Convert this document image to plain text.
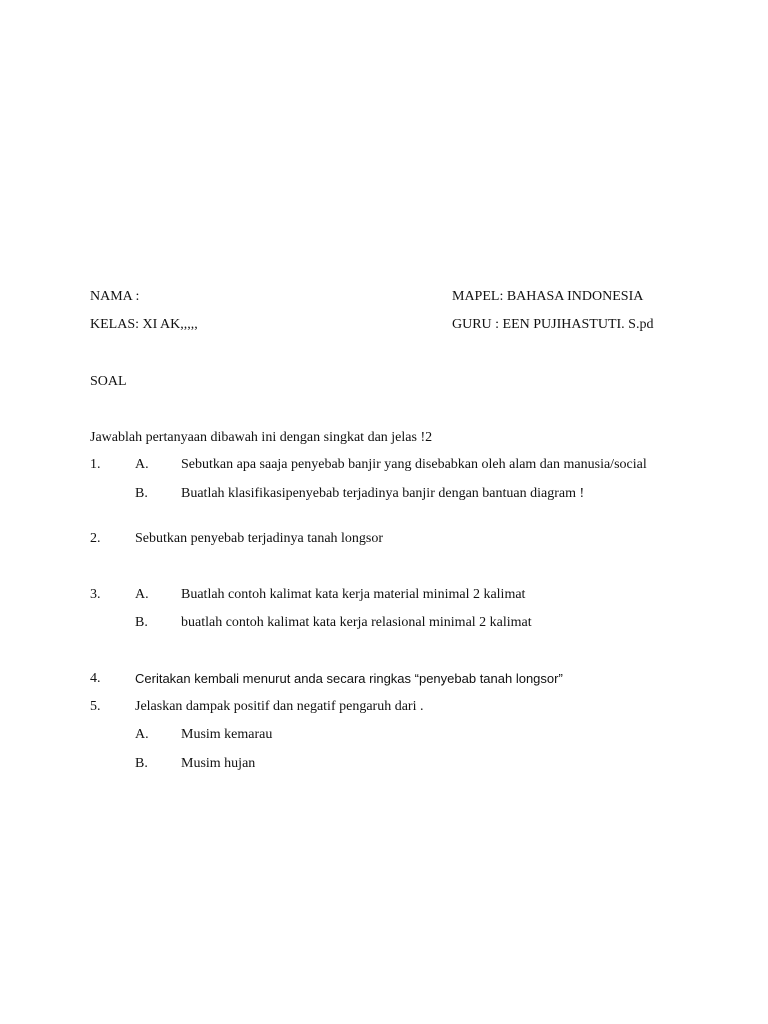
NAMA :	MAPEL: BAHASA INDONESIA
KELAS: XI AK,,,,,	GURU : EEN PUJIHASTUTI. S.pd
SOAL
Jawablah pertanyaan dibawah ini dengan singkat dan jelas !2
1. A. Sebutkan apa saaja penyebab banjir yang disebabkan oleh alam dan manusia/social
B. Buatlah klasifikasipenyebab terjadinya banjir dengan bantuan diagram !
2. Sebutkan penyebab terjadinya tanah longsor
3. A. Buatlah contoh kalimat kata kerja material minimal 2 kalimat
B. buatlah contoh kalimat kata kerja relasional minimal 2 kalimat
4.	Ceritakan kembali menurut anda secara ringkas “penyebab tanah longsor”
5. Jelaskan dampak positif dan negatif pengaruh dari .
A. Musim kemarau
B. Musim hujan
